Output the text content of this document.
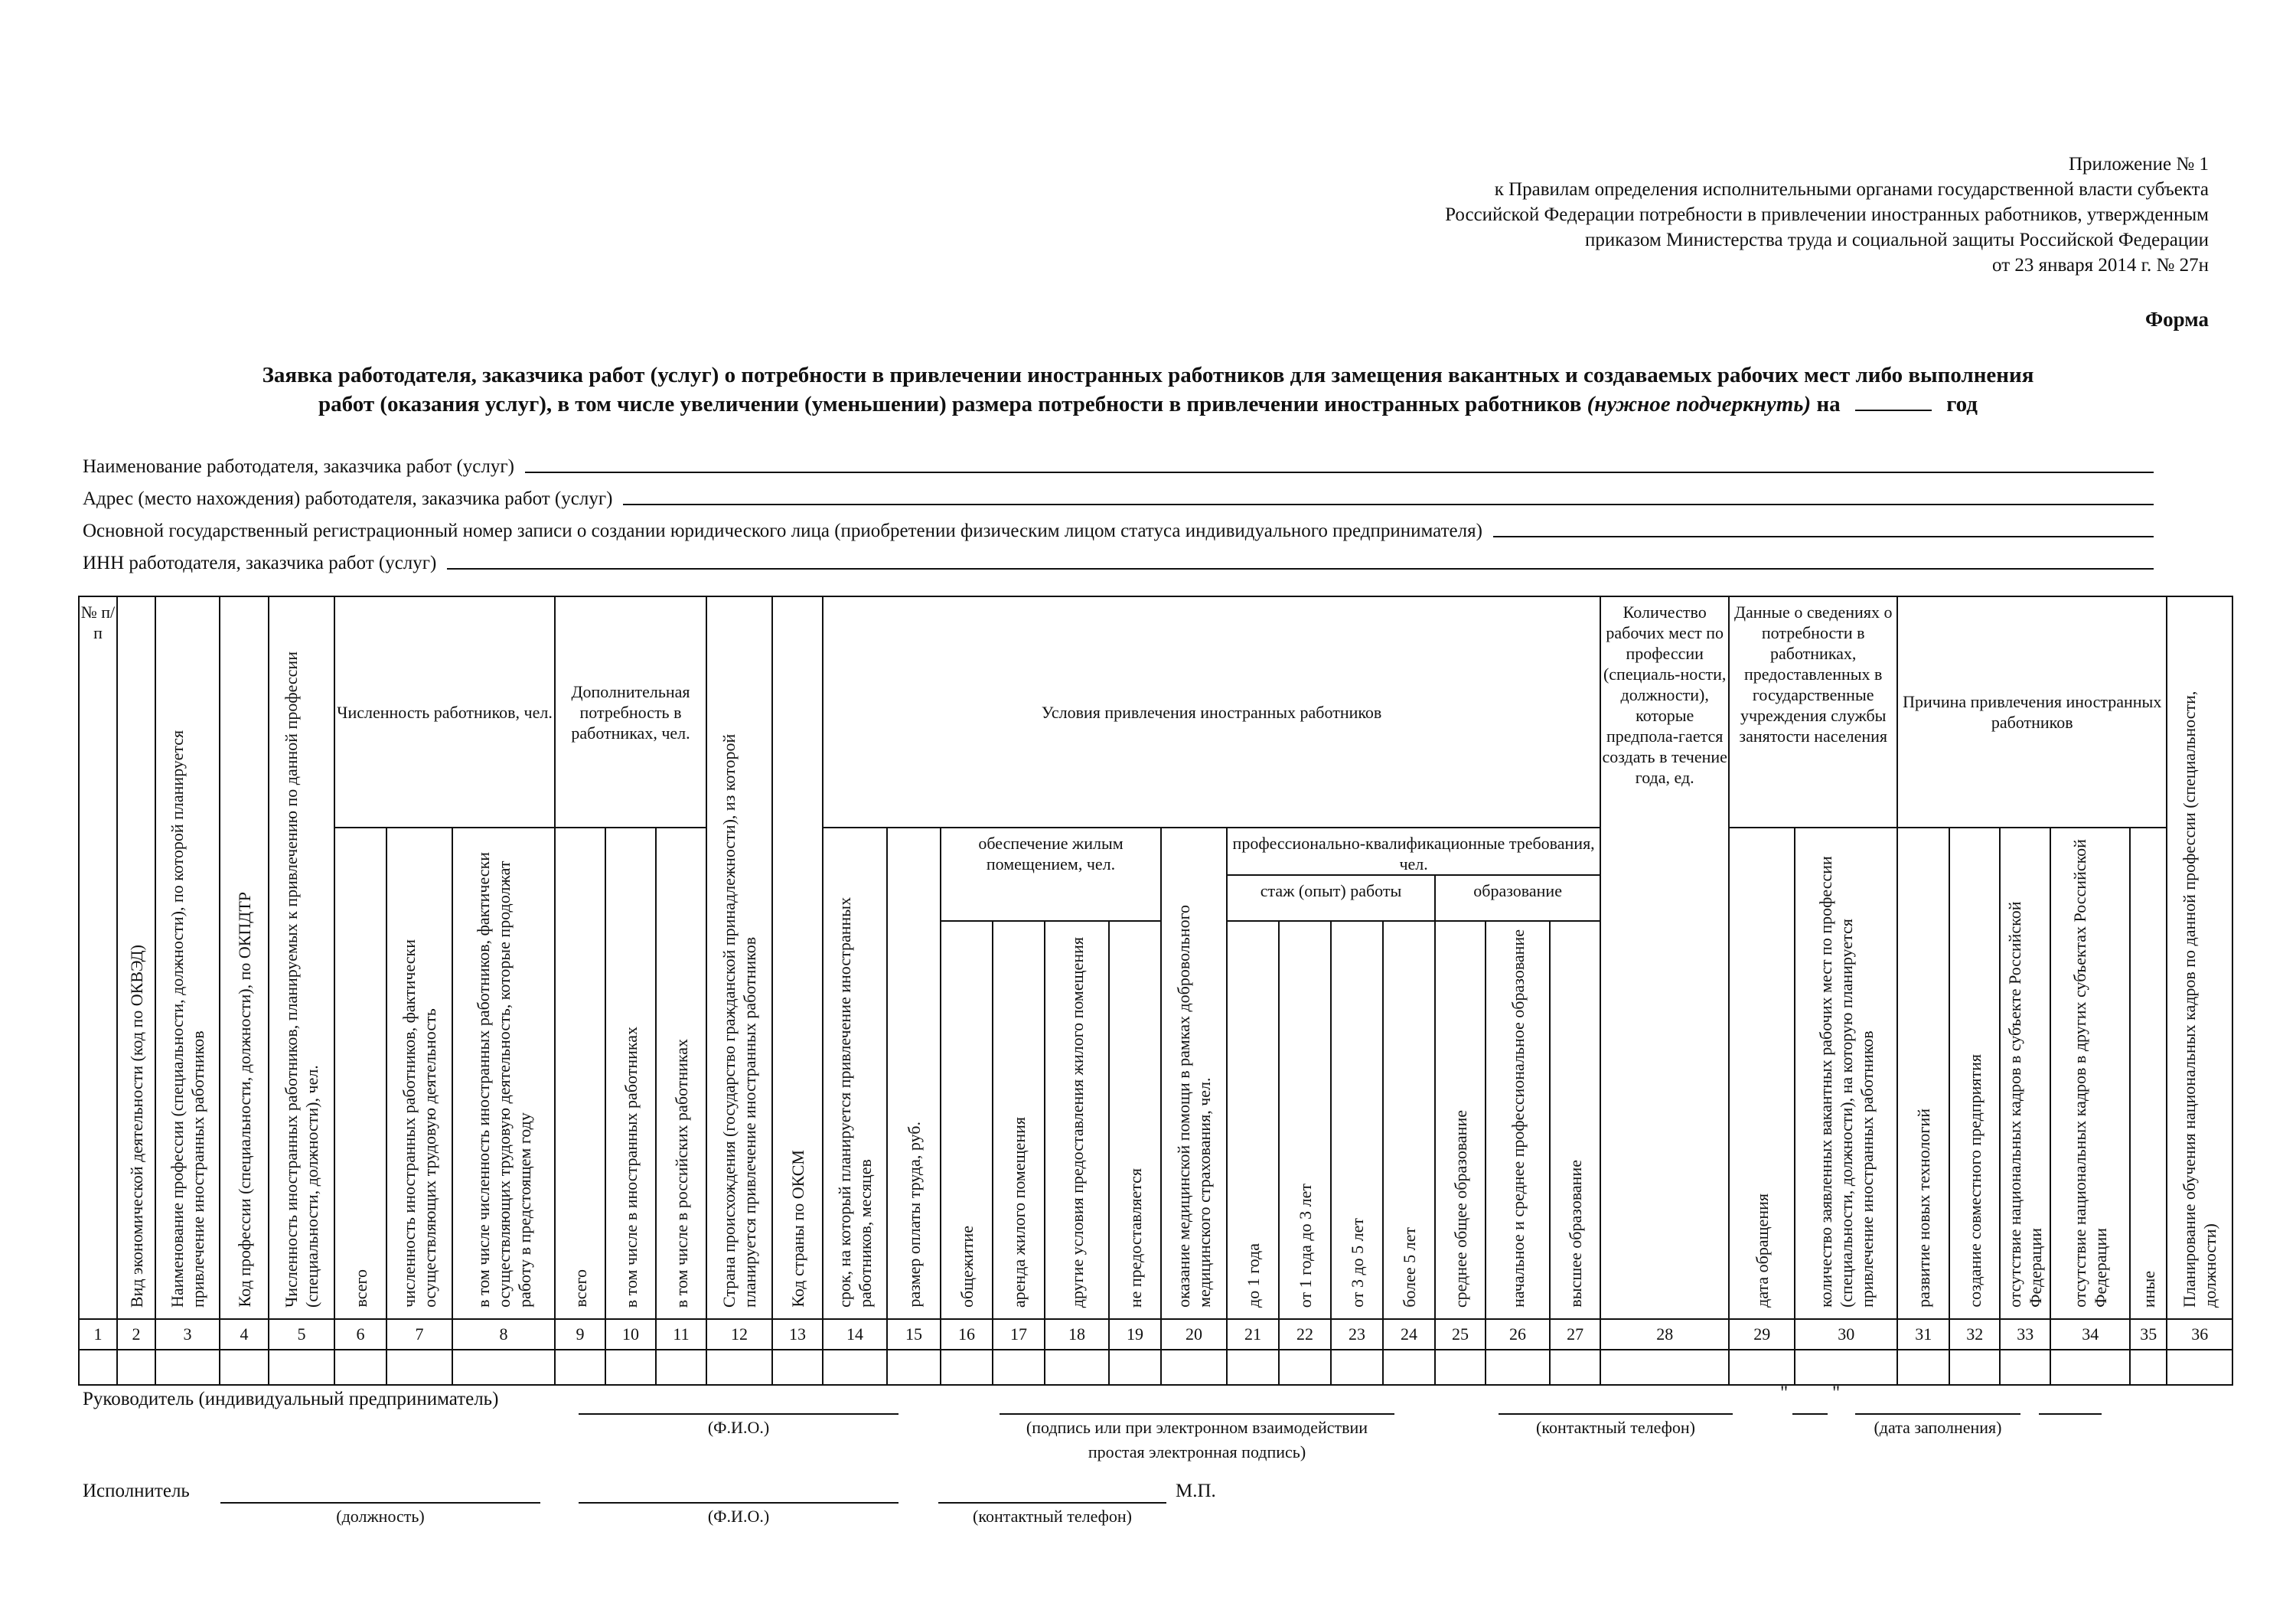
Приложение № 1
к Правилам определения исполнительными органами государственной власти субъекта
Российской Федерации потребности в привлечении иностранных работников, утвержденным
приказом Министерства труда и социальной защиты Российской Федерации
от 23 января 2014 г. № 27н
Форма
Заявка работодателя, заказчика работ (услуг) о потребности в привлечении иностранных работников для замещения вакантных и создаваемых рабочих мест либо выполнения
работ (оказания услуг), в том числе увеличении (уменьшении) размера потребности в привлечении иностранных работников (нужное подчеркнуть) на	год
Наименование работодателя, заказчика работ (услуг)
Адрес (место нахождения) работодателя, заказчика работ (услуг)
Основной государственный регистрационный номер записи о создании юридического лица (приобретении физическим лицом статуса индивидуального предпринимателя)
ИНН работодателя, заказчика работ (услуг)
№ п/п	Вид экономической деятельности (код по ОКВЭД)	Наименование профессии (специальности, должности), по которой планируется привлечение иностранных работников	Код профессии (специальности, должности), по ОКПДТР	Численность иностранных работников, планируемых к привлечению по данной профессии (специальности, должности), чел.	Численность работников, чел.			Дополнительная потребность в работниках, чел.			Страна происхождения (государство гражданской принадлежности), из которой планируется привлечение иностранных работников	Код страны по ОКСМ	Условия привлечения иностранных работников														Количество рабочих мест по профессии (специаль-ности, должности), которые предпола-гается создать в течение года, ед.	Данные о сведениях о потребности в работниках, предоставленных в государственные учреждения службы занятости населения		Причина привлечения иностранных работников					Планирование обучения национальных кадров по данной профессии (специальности, должности)
					всего	численность иностранных работников, фактически осуществляющих трудовую деятельность	в том числе численность иностранных работников, фактически осуществляющих трудовую деятельность, которые продолжат работу в предстоящем году	всего	в том числе в иностранных работниках	в том числе в российских работниках			срок, на который планируется привлечение иностранных работников, месяцев	размер оплаты труда, руб.	обеспечение жилым помещением, чел.				оказание медицинской помощи в рамках добровольного медицинского страхования, чел.	профессионально-квалификационные требования, чел.								дата обращения	количество заявленных вакантных рабочих мест по профессии (специальности, должности), на которую планируется привлечение иностранных работников	развитие новых технологий	создание совместного предприятия	отсутствие национальных кадров в субъекте Российской Федерации	отсутствие национальных кадров в других субъектах Российской Федерации	иные	
																				стаж (опыт) работы				образование											
															общежитие	аренда жилого помещения	другие условия предоставления жилого помещения	не предоставляется		до 1 года	от 1 года до 3 лет	от 3 до 5 лет	более 5 лет	среднее общее образование	начальное и среднее профессиональное образование	высшее образование									
1	2	3	4	5	6	7	8	9	10	11	12	13	14	15	16	17	18	19	20	21	22	23	24	25	26	27	28	29	30	31	32	33	34	35	36

Руководитель (индивидуальный предприниматель)
(Ф.И.О.)	(подпись или при электронном взаимодействии
простая электронная подпись)
(контактный телефон)
" "
(дата заполнения)
Исполнитель
(должность)	(Ф.И.О.)	(контактный телефон)
М.П.
